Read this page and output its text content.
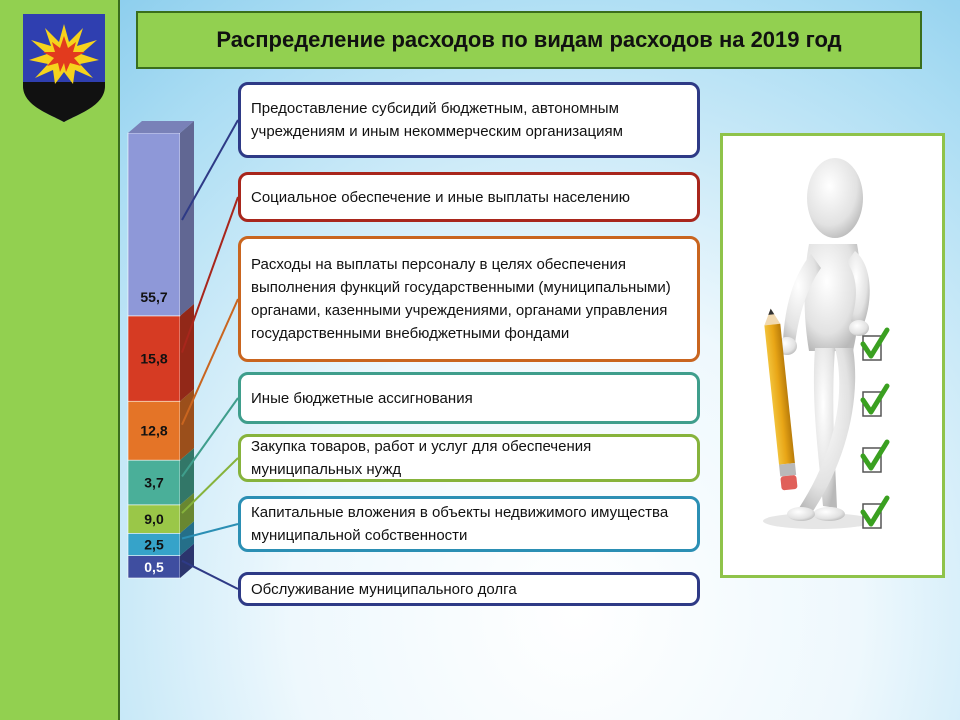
Распределение расходов по видам расходов на 2019 год
0,5
2,5
9,0
3,7
12,8
15,8
55,7
Предоставление субсидий бюджетным, автономным учреждениям и иным некоммерческим организациям
Социальное обеспечение и иные выплаты населению
Расходы на выплаты персоналу в целях обеспечения выполнения функций государственными (муниципальными) органами, казенными учреждениями, органами управления государственными внебюджетными фондами
Иные бюджетные ассигнования
Закупка товаров, работ и услуг для обеспечения муниципальных нужд
Капитальные вложения в объекты недвижимого имущества муниципальной собственности
Обслуживание муниципального долга
